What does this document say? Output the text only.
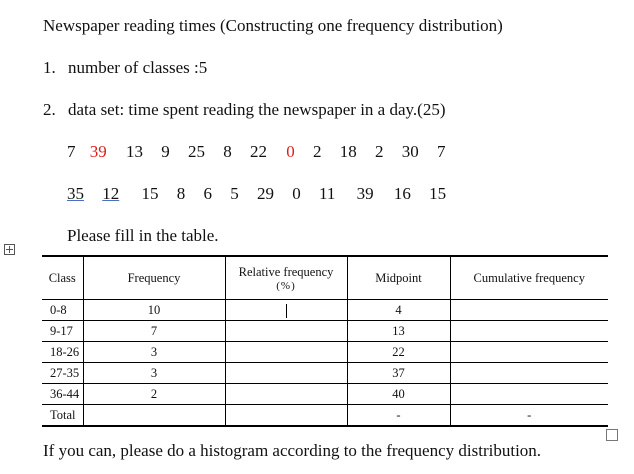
Newspaper reading times (Constructing one frequency distribution)
1. number of classes :5
2. data set: time spent reading the newspaper in a day.(25)
7 39 13 9 25 8 22 0 2 18 2 30 7
35 12 15 8 6 5 29 0 11 39 16 15
Please fill in the table.
Class	Frequency	Relative frequency
(%)	Midpoint	Cumulative frequency
0-8	10		4	
9-17	7		13	
18-26	3		22	
27-35	3		37	
36-44	2		40	
Total			-	-
If you can, please do a histogram according to the frequency distribution.
